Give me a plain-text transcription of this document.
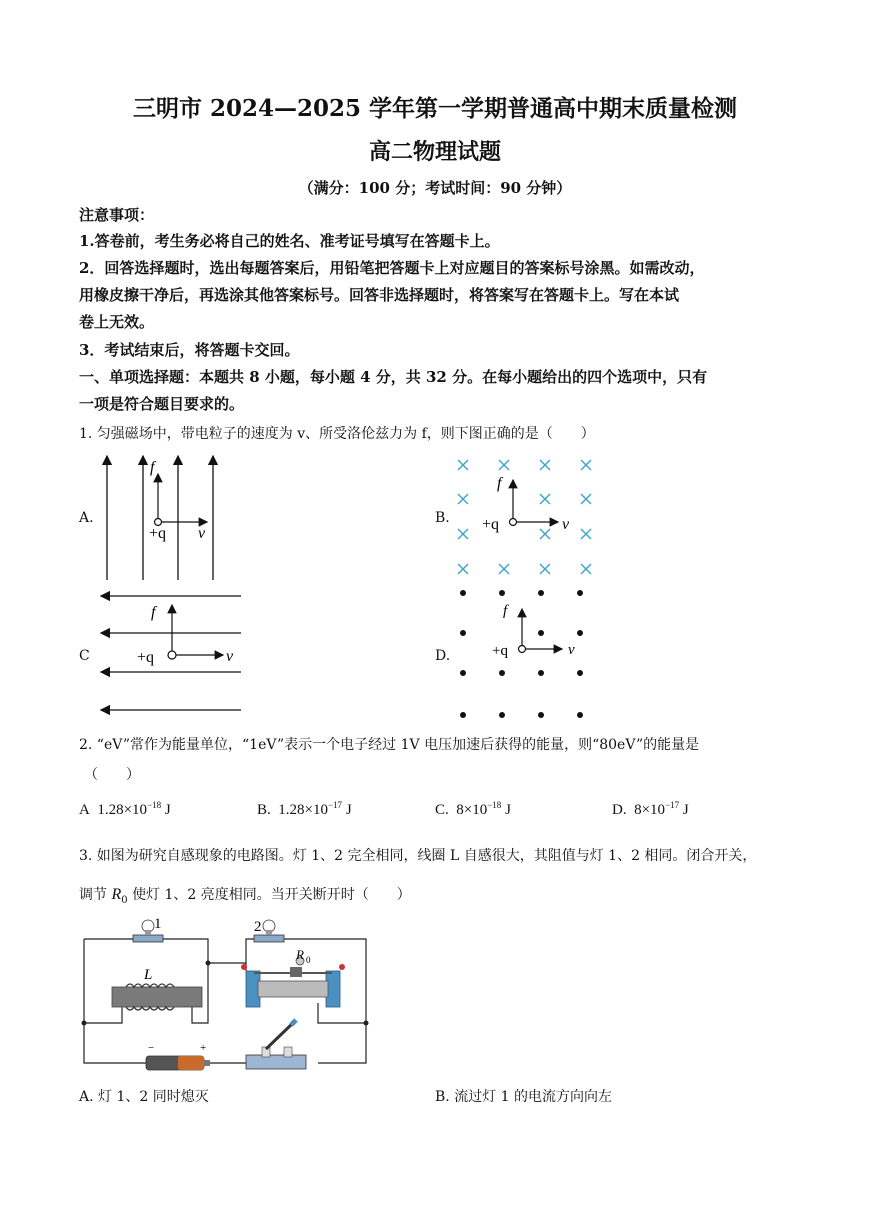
三明市 2024—2025 学年第一学期普通高中期末质量检测
高二物理试题
（满分：100 分；考试时间：90 分钟）
注意事项：
1.答卷前，考生务必将自己的姓名、准考证号填写在答题卡上。
2．回答选择题时，选出每题答案后，用铅笔把答题卡上对应题目的答案标号涂黑。如需改动，
用橡皮擦干净后，再选涂其他答案标号。回答非选择题时，将答案写在答题卡上。写在本试
卷上无效。
3．考试结束后，将答题卡交回。
一、单项选择题：本题共 8 小题，每小题 4 分，共 32 分。在每小题给出的四个选项中，只有
一项是符合题目要求的。
1. 匀强磁场中，带电粒子的速度为 v、所受洛伦兹力为 f，则下图正确的是（　　）
A.
f
+q v
B.
f
+q	v
C
f
+q	v	D.
f
+q	v
2. “eV”常作为能量单位，“1eV”表示一个电子经过 1V 电压加速后获得的能量，则“80eV”的能量是
（　　）
A $1.28\times 10^{-18}$ J	B. $1.28\times 10^{-17}$ J	C. $8\times 10^{-18}$ J	D. $8\times 10^{-17}$ J
3. 如图为研究自感现象的电路图。灯 1、2 完全相同，线圈 L 自感很大，其阻值与灯 1、2 相同。闭合开关，
调节 $R_0$ 使灯 1、2 亮度相同。当开关断开时（　　）
1	2
L
R 0
−	+
A. 灯 1、2 同时熄灭	B. 流过灯 1 的电流方向向左
